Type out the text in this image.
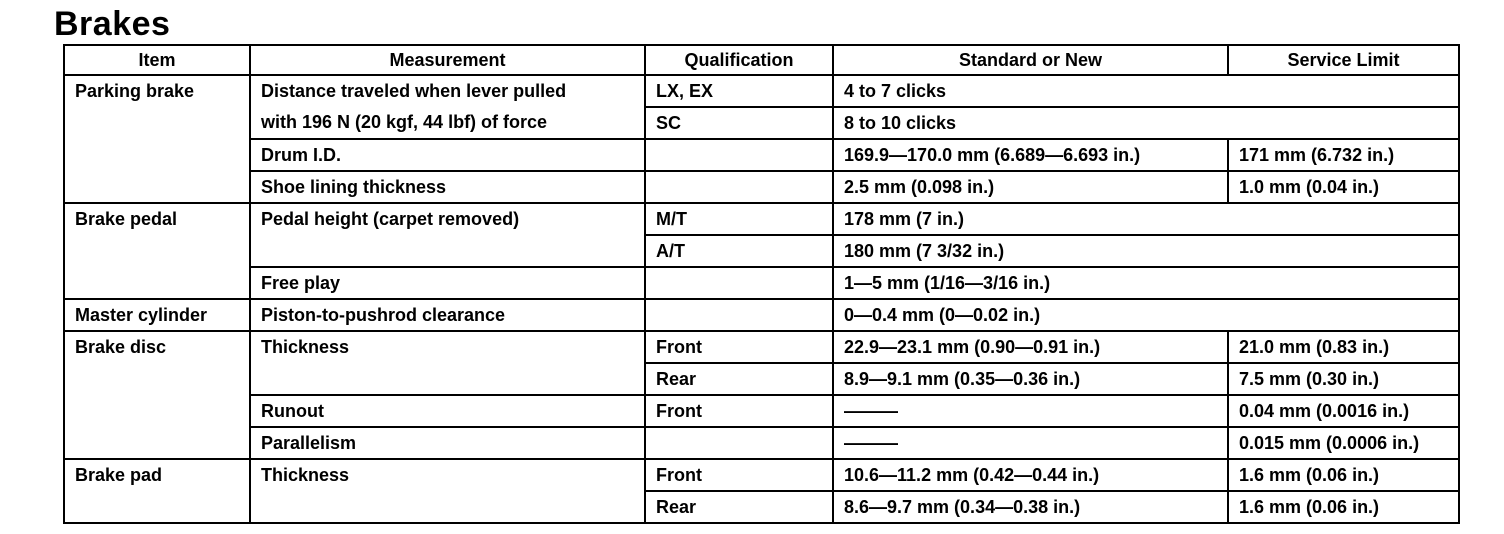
Brakes
Item	Measurement	Qualification	Standard or New	Service Limit
Parking brake	Distance traveled when lever pulled	LX, EX	4 to 7 clicks	
	with 196 N (20 kgf, 44 lbf) of force	SC	8 to 10 clicks	
	Drum I.D.		169.9—170.0 mm (6.689—6.693 in.)	171 mm (6.732 in.)
	Shoe lining thickness		2.5 mm (0.098 in.)	1.0 mm (0.04 in.)
Brake pedal	Pedal height (carpet removed)	M/T	178 mm (7 in.)	
		A/T	180 mm (7 3/32 in.)	
	Free play		1—5 mm (1/16—3/16 in.)	
Master cylinder	Piston-to-pushrod clearance		0—0.4 mm (0—0.02 in.)	
Brake disc	Thickness	Front	22.9—23.1 mm (0.90—0.91 in.)	21.0 mm (0.83 in.)
		Rear	8.9—9.1 mm (0.35—0.36 in.)	7.5 mm (0.30 in.)
	Runout	Front	———	0.04 mm (0.0016 in.)
	Parallelism		———	0.015 mm (0.0006 in.)
Brake pad	Thickness	Front	10.6—11.2 mm (0.42—0.44 in.)	1.6 mm (0.06 in.)
		Rear	8.6—9.7 mm (0.34—0.38 in.)	1.6 mm (0.06 in.)
